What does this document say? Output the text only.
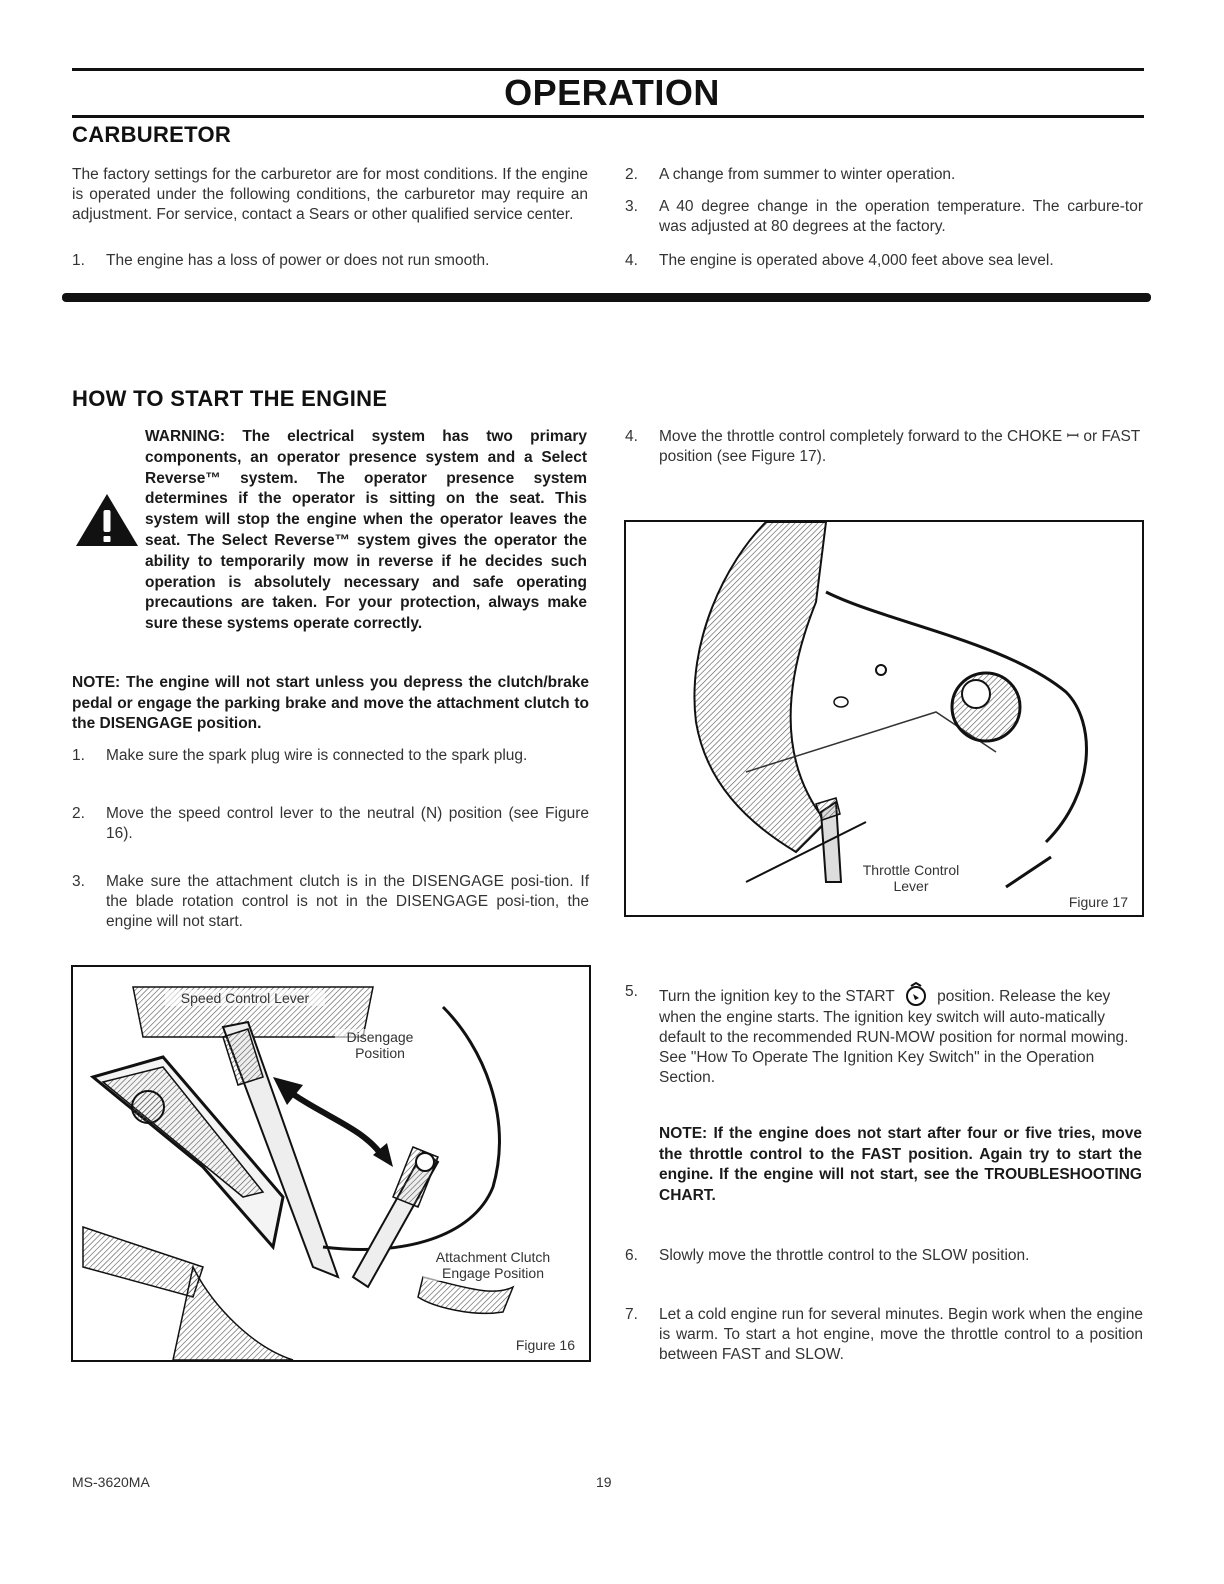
OPERATION
CARBURETOR
The factory settings for the carburetor are for most conditions. If the engine is operated under the following conditions, the carburetor may require an adjustment. For service, contact a Sears or other qualified service center.
1. The engine has a loss of power or does not run smooth.
2. A change from summer to winter operation.
3. A 40 degree change in the operation temperature. The carbure-tor was adjusted at 80 degrees at the factory.
4. The engine is operated above 4,000 feet above sea level.
HOW TO START THE ENGINE
WARNING: The electrical system has two primary components, an operator presence system and a Select Reverse™ system. The operator presence system determines if the operator is sitting on the seat. This system will stop the engine when the operator leaves the seat. The Select Reverse™ system gives the operator the ability to temporarily mow in reverse if he decides such operation is absolutely necessary and safe operating precautions are taken. For your protection, always make sure these systems operate correctly.
NOTE: The engine will not start unless you depress the clutch/brake pedal or engage the parking brake and move the attachment clutch to the DISENGAGE position.
1. Make sure the spark plug wire is connected to the spark plug.
2. Move the speed control lever to the neutral (N) position (see Figure 16).
3. Make sure the attachment clutch is in the DISENGAGE posi-tion. If the blade rotation control is not in the DISENGAGE posi-tion, the engine will not start.
4. Move the throttle control completely forward to the CHOKE ꟷ or FAST position (see Figure 17).
Throttle Control Lever
Figure 17
Speed Control Lever
Disengage Position
Attachment Clutch Engage Position
Figure 16
5. Turn the ignition key to the START	position. Release the key when the engine starts. The ignition key switch will auto-matically default to the recommended RUN-MOW position for normal mowing. See "How To Operate The Ignition Key Switch" in the Operation Section.
NOTE: If the engine does not start after four or five tries, move the throttle control to the FAST position. Again try to start the engine. If the engine will not start, see the TROUBLESHOOTING CHART.
6. Slowly move the throttle control to the SLOW position.
7. Let a cold engine run for several minutes. Begin work when the engine is warm. To start a hot engine, move the throttle control to a position between FAST and SLOW.
MS-3620MA	19
